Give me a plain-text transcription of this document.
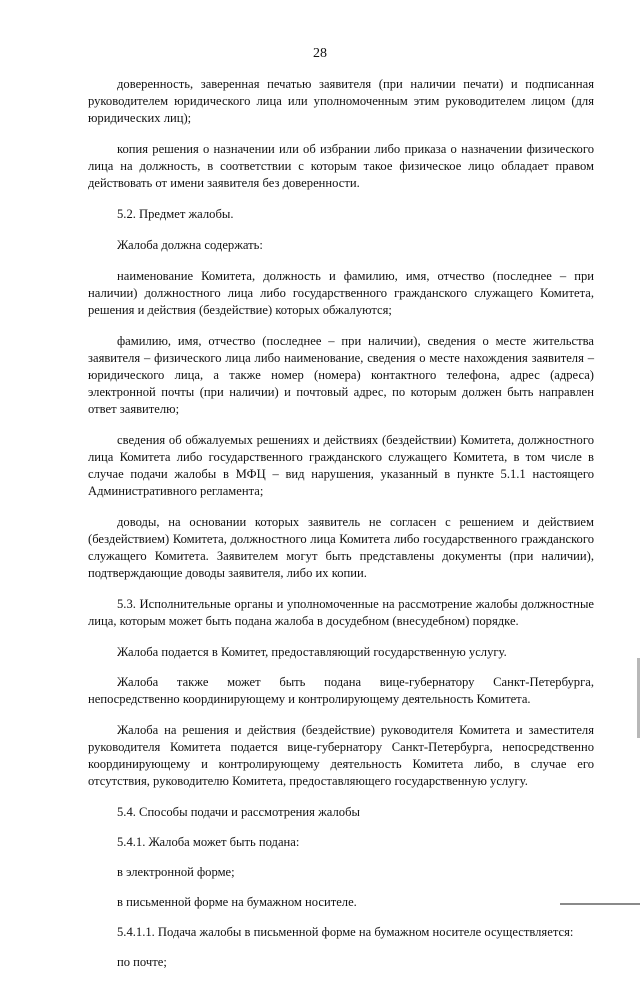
28

доверенность, заверенная печатью заявителя (при наличии печати) и подписанная руководителем юридического лица или уполномоченным этим руководителем лицом (для юридических лиц);

копия решения о назначении или об избрании либо приказа о назначении физического лица на должность, в соответствии с которым такое физическое лицо обладает правом действовать от имени заявителя без доверенности.

5.2. Предмет жалобы.

Жалоба должна содержать:

наименование Комитета, должность и фамилию, имя, отчество (последнее – при наличии) должностного лица либо государственного гражданского служащего Комитета, решения и действия (бездействие) которых обжалуются;

фамилию, имя, отчество (последнее – при наличии), сведения о месте жительства заявителя – физического лица либо наименование, сведения о месте нахождения заявителя – юридического лица, а также номер (номера) контактного телефона, адрес (адреса) электронной почты (при наличии) и почтовый адрес, по которым должен быть направлен ответ заявителю;

сведения об обжалуемых решениях и действиях (бездействии) Комитета, должностного лица Комитета либо государственного гражданского служащего Комитета, в том числе в случае подачи жалобы в МФЦ – вид нарушения, указанный в пункте 5.1.1 настоящего Административного регламента;

доводы, на основании которых заявитель не согласен с решением и действием (бездействием) Комитета, должностного лица Комитета либо государственного гражданского служащего Комитета. Заявителем могут быть представлены документы (при наличии), подтверждающие доводы заявителя, либо их копии.

5.3. Исполнительные органы и уполномоченные на рассмотрение жалобы должностные лица, которым может быть подана жалоба в досудебном (внесудебном) порядке.

Жалоба подается в Комитет, предоставляющий государственную услугу.

Жалоба также может быть подана вице-губернатору Санкт-Петербурга, непосредственно координирующему и контролирующему деятельность Комитета.

Жалоба на решения и действия (бездействие) руководителя Комитета и заместителя руководителя Комитета подается вице-губернатору Санкт-Петербурга, непосредственно координирующему и контролирующему деятельность Комитета либо, в случае его отсутствия, руководителю Комитета, предоставляющего государственную услугу.

5.4. Способы подачи и рассмотрения жалобы

5.4.1. Жалоба может быть подана:

в электронной форме;

в письменной форме на бумажном носителе.

5.4.1.1. Подача жалобы в письменной форме на бумажном носителе осуществляется:

по почте;
